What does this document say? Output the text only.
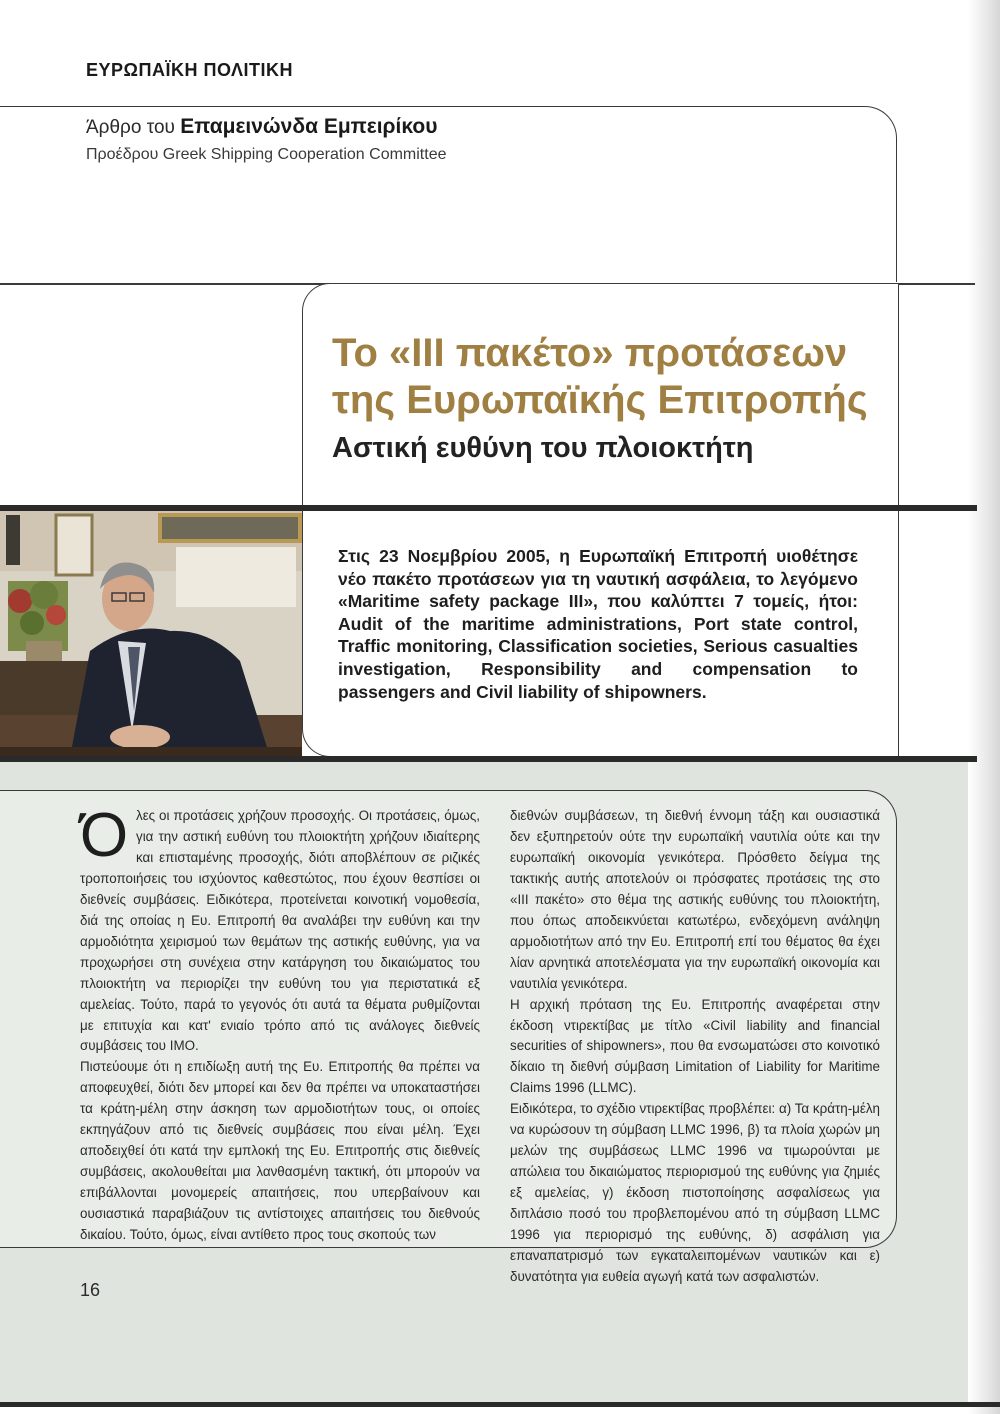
ΕΥΡΩΠΑΪΚΗ ΠΟΛΙΤΙΚΗ
Άρθρο του Επαμεινώνδα Εμπειρίκου
Προέδρου Greek Shipping Cooperation Committee
Το «ΙΙΙ πακέτο» προτάσεων
της Ευρωπαϊκής Επιτροπής
Αστική ευθύνη του πλοιοκτήτη
Στις 23 Νοεμβρίου 2005, η Ευρωπαϊκή Επιτροπή υιοθέτησε νέο πακέτο προτάσεων για τη ναυτική ασφάλεια, το λεγόμενο «Maritime safety package III», που καλύπτει 7 τομείς, ήτοι: Audit of the maritime administrations, Port state control, Traffic monitoring, Classification societies, Serious casualties investigation, Responsibility and compensation to passengers and Civil liability of shipowners.
Ό λες οι προτάσεις χρήζουν προσοχής. Οι προτάσεις, όμως, για την αστική ευθύνη του πλοιοκτήτη χρήζουν ιδιαίτερης και επισταμένης προσοχής, διότι αποβλέπουν σε ριζικές τροποποιήσεις του ισχύοντος καθεστώτος, που έχουν θεσπίσει οι διεθνείς συμβάσεις. Ειδικότερα, προτείνεται κοινοτική νομοθεσία, διά της οποίας η Ευ. Επιτροπή θα αναλάβει την ευθύνη και την αρμοδιότητα χειρισμού των θεμάτων της αστικής ευθύνης, για να προχωρήσει στη συνέχεια στην κατάργηση του δικαιώματος του πλοιοκτήτη να περιορίζει την ευθύνη του για περιστατικά εξ αμελείας. Τούτο, παρά το γεγονός ότι αυτά τα θέματα ρυθμίζονται με επιτυχία και κατ' ενιαίο τρόπο από τις ανάλογες διεθνείς συμβάσεις του ΙΜΟ.

Πιστεύουμε ότι η επιδίωξη αυτή της Ευ. Επιτροπής θα πρέπει να αποφευχθεί, διότι δεν μπορεί και δεν θα πρέπει να υποκαταστήσει τα κράτη-μέλη στην άσκηση των αρμοδιοτήτων τους, οι οποίες εκπηγάζουν από τις διεθνείς συμβάσεις που είναι μέλη. Έχει αποδειχθεί ότι κατά την εμπλοκή της Ευ. Επιτροπής στις διεθνείς συμβάσεις, ακολουθείται μια λανθασμένη τακτική, ότι μπορούν να επιβάλλονται μονομερείς απαιτήσεις, που υπερβαίνουν και ουσιαστικά παραβιάζουν τις αντίστοιχες απαιτήσεις του διεθνούς δικαίου. Τούτο, όμως, είναι αντίθετο προς τους σκοπούς των

διεθνών συμβάσεων, τη διεθνή έννομη τάξη και ουσιαστικά δεν εξυπηρετούν ούτε την ευρωπαϊκή ναυτιλία ούτε και την ευρωπαϊκή οικονομία γενικότερα. Πρόσθετο δείγμα της τακτικής αυτής αποτελούν οι πρόσφατες προτάσεις της στο «ΙΙΙ πακέτο» στο θέμα της αστικής ευθύνης του πλοιοκτήτη, που όπως αποδεικνύεται κατωτέρω, ενδεχόμενη ανάληψη αρμοδιοτήτων από την Ευ. Επιτροπή επί του θέματος θα έχει λίαν αρνητικά αποτελέσματα για την ευρωπαϊκή οικονομία και ναυτιλία γενικότερα.

Η αρχική πρόταση της Ευ. Επιτροπής αναφέρεται στην έκδοση ντιρεκτίβας με τίτλο «Civil liability and financial securities of shipowners», που θα ενσωματώσει στο κοινοτικό δίκαιο τη διεθνή σύμβαση Limitation of Liability for Maritime Claims 1996 (LLMC).

Ειδικότερα, το σχέδιο ντιρεκτίβας προβλέπει: α) Τα κράτη-μέλη να κυρώσουν τη σύμβαση LLMC 1996, β) τα πλοία χωρών μη μελών της συμβάσεως LLMC 1996 να τιμωρούνται με απώλεια του δικαιώματος περιορισμού της ευθύνης για ζημιές εξ αμελείας, γ) έκδοση πιστοποίησης ασφαλίσεως για διπλάσιο ποσό του προβλεπομένου από τη σύμβαση LLMC 1996 για περιορισμό της ευθύνης, δ) ασφάλιση για επαναπατρισμό των εγκαταλειπομένων ναυτικών και ε) δυνατότητα για ευθεία αγωγή κατά των ασφαλιστών.

16
